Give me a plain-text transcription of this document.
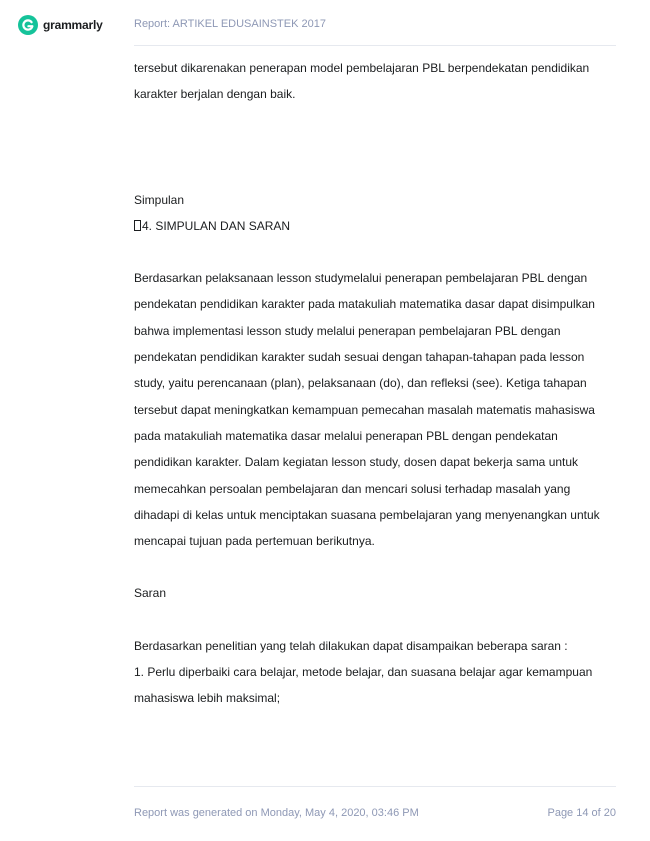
grammarly	Report: ARTIKEL EDUSAINSTEK 2017

tersebut dikarenakan penerapan model pembelajaran PBL berpendekatan pendidikan karakter berjalan dengan baik.

Simpulan

4. SIMPULAN DAN SARAN

Berdasarkan pelaksanaan lesson studymelalui penerapan pembelajaran PBL dengan pendekatan pendidikan karakter pada matakuliah matematika dasar dapat disimpulkan bahwa implementasi lesson study melalui penerapan pembelajaran PBL dengan pendekatan pendidikan karakter sudah sesuai dengan tahapan-tahapan pada lesson study, yaitu perencanaan (plan), pelaksanaan (do), dan refleksi (see). Ketiga tahapan tersebut dapat meningkatkan kemampuan pemecahan masalah matematis mahasiswa pada matakuliah matematika dasar melalui penerapan PBL dengan pendekatan pendidikan karakter. Dalam kegiatan lesson study, dosen dapat bekerja sama untuk memecahkan persoalan pembelajaran dan mencari solusi terhadap masalah yang dihadapi di kelas untuk menciptakan suasana pembelajaran yang menyenangkan untuk mencapai tujuan pada pertemuan berikutnya.

Saran

Berdasarkan penelitian yang telah dilakukan dapat disampaikan beberapa saran :

1. Perlu diperbaiki cara belajar, metode belajar, dan suasana belajar agar kemampuan mahasiswa lebih maksimal;

Report was generated on Monday, May 4, 2020, 03:46 PM	Page 14 of 20
